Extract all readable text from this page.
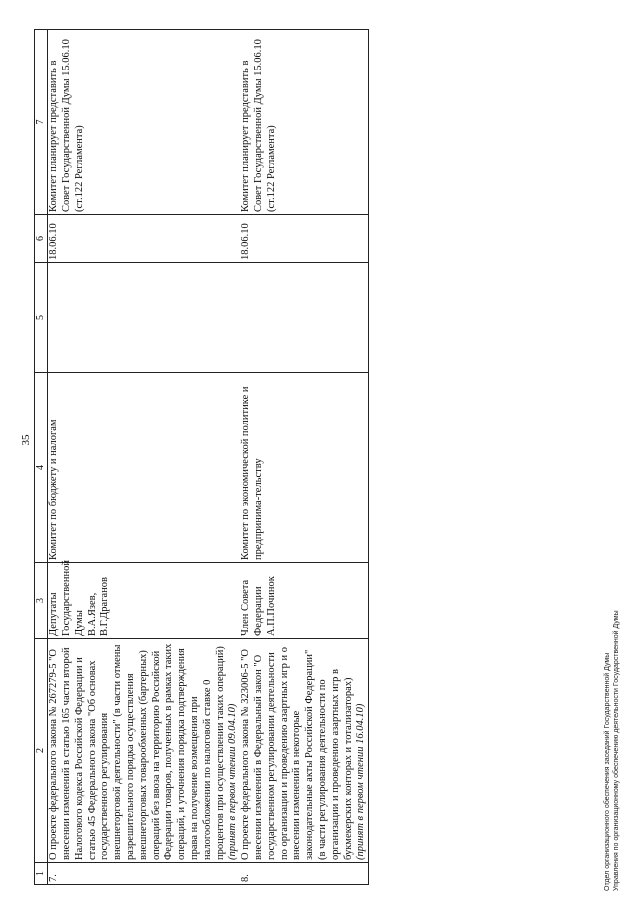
35
1	2	3	4	5	6	7
7.	О проекте федерального закона № 267279-5 "О внесении изменений в статью 165 части второй Налогового кодекса Российской Федерации и статью 45 Федерального закона "Об основах государственного регулирования внешнеторговой деятельности" (в части отмены разрешительного порядка осуществления внешнеторговых товарообменных (бартерных) операций без ввоза на территорию Российской Федерации товаров, полученных в рамках таких операций, и уточнения порядка подтверждения права на получение возмещения при налогообложении по налоговой ставке 0 процентов при осуществлении таких операций) (принят в первом чтении 09.04.10)	Депутаты Государственной Думы В.А.Язев, В.Г.Драганов	Комитет по бюджету и налогам		18.06.10	Комитет планирует представить в Совет Государственной Думы 15.06.10 (ст.122 Регламента)
8.	О проекте федерального закона № 323006-5 "О внесении изменений в Федеральный закон "О государственном регулировании деятельности по организации и проведению азартных игр и о внесении изменений в некоторые законодательные акты Российской Федерации" (в части регулирования деятельности по организации и проведению азартных игр в букмекерских конторах и тотализаторах) (принят в первом чтении 16.04.10)	Член Совета Федерации А.П.Починок	Комитет по экономической политике и предпринима-тельству		18.06.10	Комитет планирует представить в Совет Государственной Думы 15.06.10 (ст.122 Регламента)
Отдел организационного обеспечения заседаний Государственной Думы Управления по организационному обеспечению деятельности Государственной Думы
